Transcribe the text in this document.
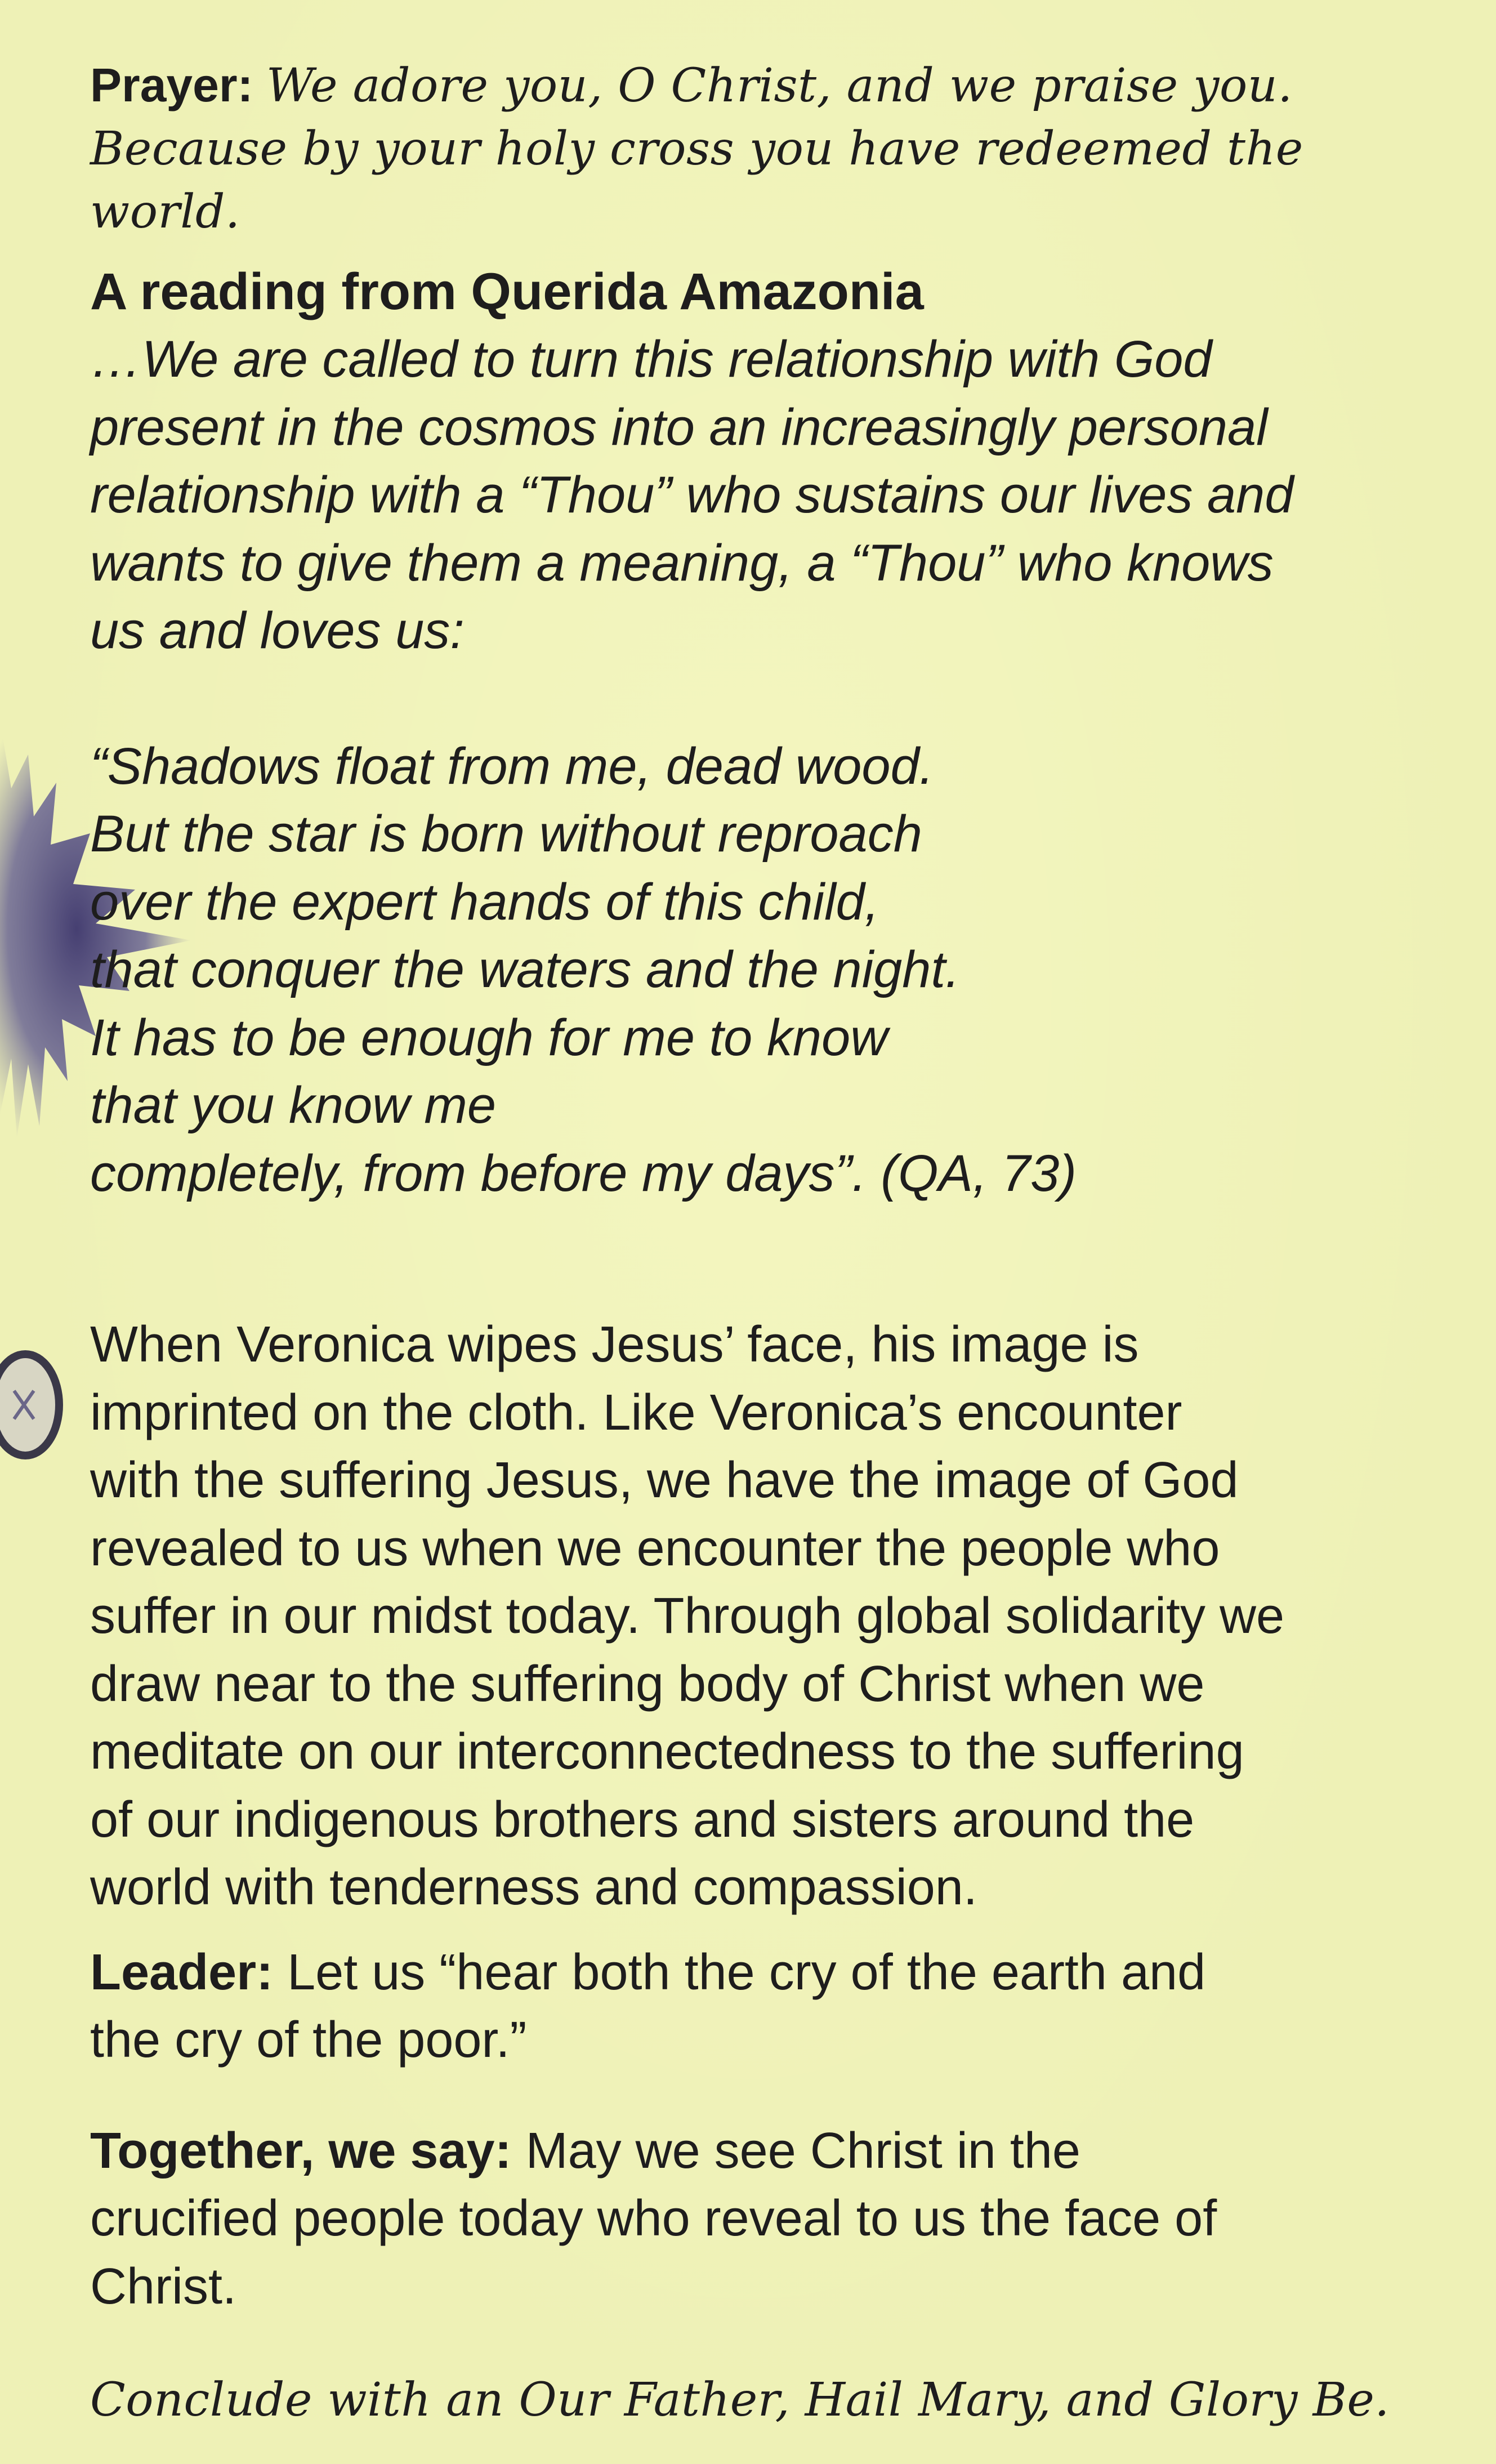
Prayer: We adore you, O Christ, and we praise you.
Because by your holy cross you have redeemed the world.

A reading from Querida Amazonia

…We are called to turn this relationship with God
present in the cosmos into an increasingly personal
relationship with a “Thou” who sustains our lives and
wants to give them a meaning, a “Thou” who knows
us and loves us:

“Shadows float from me, dead wood.
But the star is born without reproach
over the expert hands of this child,
that conquer the waters and the night.
It has to be enough for me to know
that you know me
completely, from before my days”. (QA, 73)

When Veronica wipes Jesus’ face, his image is
imprinted on the cloth. Like Veronica’s encounter
with the suffering Jesus, we have the image of God
revealed to us when we encounter the people who
suffer in our midst today. Through global solidarity we
draw near to the suffering body of Christ when we
meditate on our interconnectedness to the suffering
of our indigenous brothers and sisters around the
world with tenderness and compassion.

Leader: Let us “hear both the cry of the earth and
the cry of the poor.”

Together, we say: May we see Christ in the
crucified people today who reveal to us the face of
Christ.

Conclude with an Our Father, Hail Mary, and Glory Be.
